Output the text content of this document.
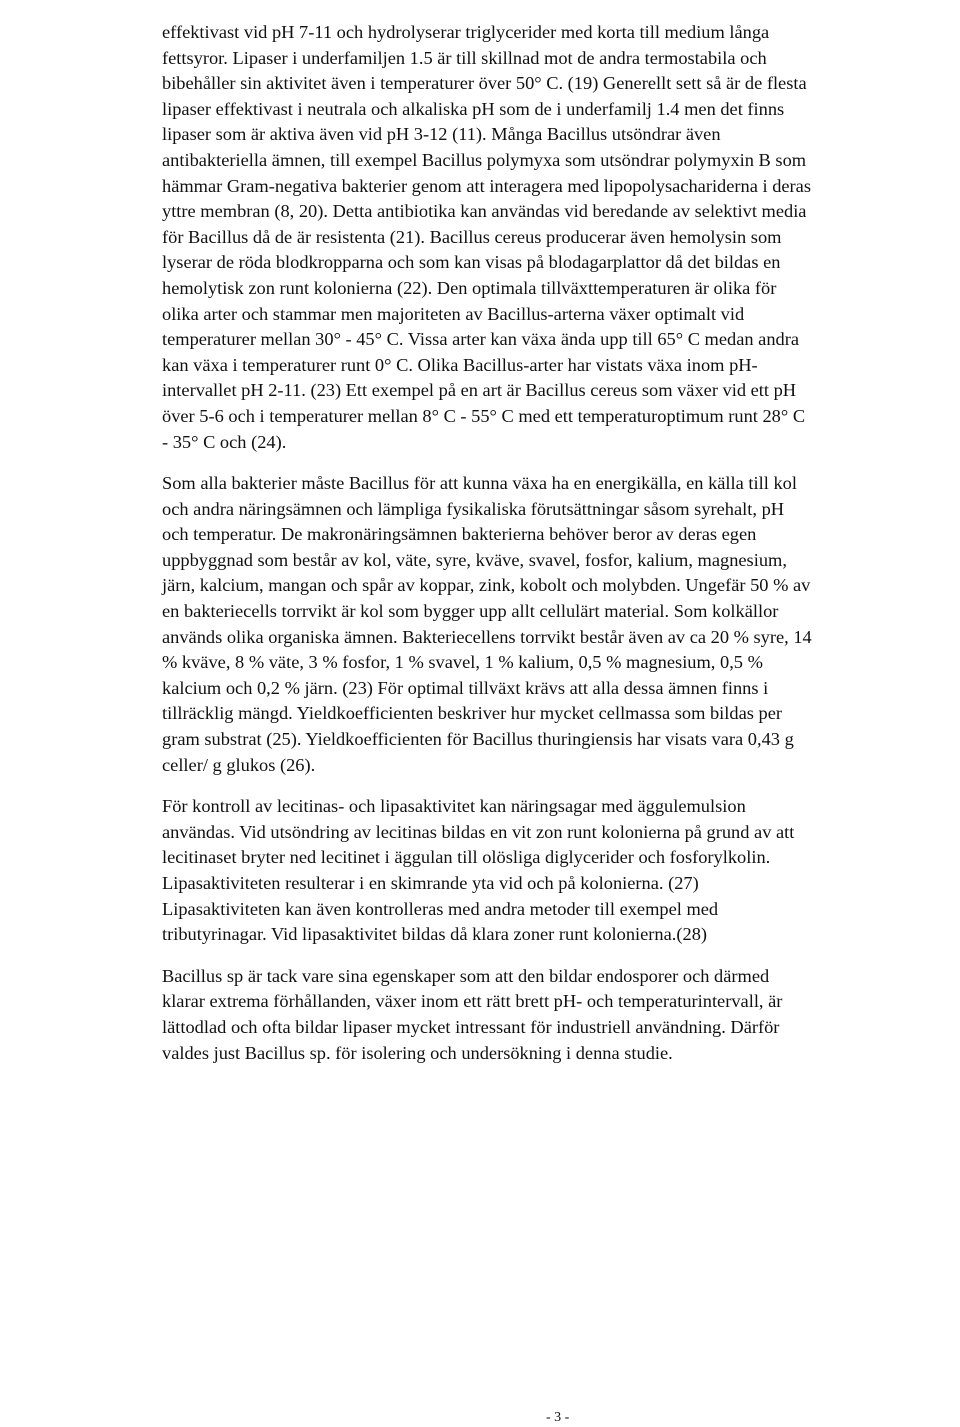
effektivast vid pH 7-11 och hydrolyserar triglycerider med korta till medium långa
fettsyror. Lipaser i underfamiljen 1.5 är till skillnad mot de andra termostabila och
bibehåller sin aktivitet även i temperaturer över 50° C. (19) Generellt sett så är de flesta
lipaser effektivast i neutrala och alkaliska pH som de i underfamilj 1.4 men det finns
lipaser som är aktiva även vid pH 3-12 (11). Många Bacillus utsöndrar även
antibakteriella ämnen, till exempel Bacillus polymyxa som utsöndrar polymyxin B som
hämmar Gram-negativa bakterier genom att interagera med lipopolysachariderna i deras
yttre membran (8, 20). Detta antibiotika kan användas vid beredande av selektivt media
för Bacillus då de är resistenta (21). Bacillus cereus producerar även hemolysin som
lyserar de röda blodkropparna och som kan visas på blodagarplattor då det bildas en
hemolytisk zon runt kolonierna (22). Den optimala tillväxttemperaturen är olika för
olika arter och stammar men majoriteten av Bacillus-arterna växer optimalt vid
temperaturer mellan 30° - 45° C. Vissa arter kan växa ända upp till 65° C medan andra
kan växa i temperaturer runt 0° C. Olika Bacillus-arter har vistats växa inom pH-
intervallet pH 2-11. (23) Ett exempel på en art är Bacillus cereus som växer vid ett pH
över 5-6 och i temperaturer mellan 8° C - 55° C med ett temperaturoptimum runt 28° C
- 35° C och (24).

Som alla bakterier måste Bacillus för att kunna växa ha en energikälla, en källa till kol
och andra näringsämnen och lämpliga fysikaliska förutsättningar såsom syrehalt, pH
och temperatur. De makronäringsämnen bakterierna behöver beror av deras egen
uppbyggnad som består av kol, väte, syre, kväve, svavel, fosfor, kalium, magnesium,
järn, kalcium, mangan och spår av koppar, zink, kobolt och molybden. Ungefär 50 % av
en bakteriecells torrvikt är kol som bygger upp allt cellulärt material. Som kolkällor
används olika organiska ämnen. Bakteriecellens torrvikt består även av ca 20 % syre, 14
% kväve, 8 % väte, 3 % fosfor, 1 % svavel, 1 % kalium, 0,5 % magnesium, 0,5 %
kalcium och 0,2 % järn. (23) För optimal tillväxt krävs att alla dessa ämnen finns i
tillräcklig mängd. Yieldkoefficienten beskriver hur mycket cellmassa som bildas per
gram substrat (25). Yieldkoefficienten för Bacillus thuringiensis har visats vara 0,43 g
celler/ g glukos (26).

För kontroll av lecitinas- och lipasaktivitet kan näringsagar med äggulemulsion
användas. Vid utsöndring av lecitinas bildas en vit zon runt kolonierna på grund av att
lecitinaset bryter ned lecitinet i äggulan till olösliga diglycerider och fosforylkolin.
Lipasaktiviteten resulterar i en skimrande yta vid och på kolonierna. (27)
Lipasaktiviteten kan även kontrolleras med andra metoder till exempel med
tributyrinagar. Vid lipasaktivitet bildas då klara zoner runt kolonierna.(28)

Bacillus sp är tack vare sina egenskaper som att den bildar endosporer och därmed
klarar extrema förhållanden, växer inom ett rätt brett pH- och temperaturintervall, är
lättodlad och ofta bildar lipaser mycket intressant för industriell användning. Därför
valdes just Bacillus sp. för isolering och undersökning i denna studie.

- 3 -
